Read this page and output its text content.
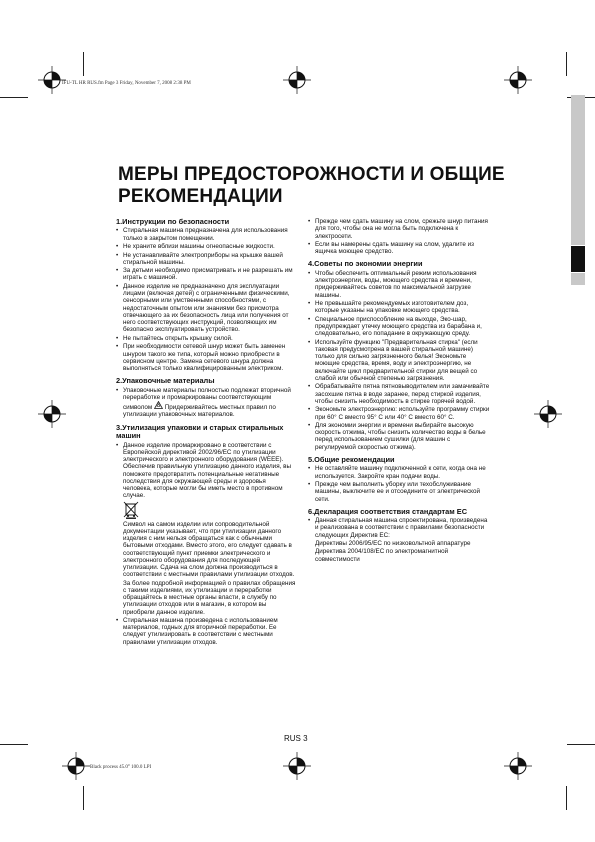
IFU-TL HR RUS.fm Page 3 Friday, November 7, 2008 2:38 PM
Black process 45.0° 100.0 LPI
МЕРЫ ПРЕДОСТОРОЖНОСТИ И ОБЩИЕ РЕКОМЕНДАЦИИ
1.Инструкции по безопасности
• Стиральная машина предназначена для использования только в закрытом помещении.
• Не храните вблизи машины огнеопасные жидкости.
• Не устанавливайте электроприборы на крышке вашей стиральной машины.
• За детьми необходимо присматривать и не разрешать им играть с машиной.
• Данное изделие не предназначено для эксплуатации лицами (включая детей) с ограниченными физическими, сенсорными или умственными способностями, с недостаточным опытом или знаниями без присмотра отвечающего за их безопасность лица или получения от него соответствующих инструкций, позволяющих им безопасно эксплуатировать устройство.
• Не пытайтесь открыть крышку силой.
• При необходимости сетевой шнур может быть заменен шнуром такого же типа, который можно приобрести в сервисном центре. Замена сетевого шнура должна выполняться только квалифицированным электриком.
2.Упаковочные материалы
• Упаковочные материалы полностью подлежат вторичной переработке и промаркированы соответствующим символом Придерживайтесь местных правил по утилизации упаковочных материалов.
3.Утилизация упаковки и старых стиральных машин
• Данное изделие промаркировано в соответствии с Европейской директивой 2002/96/EC по утилизации электрического и электронного оборудования (WEEE). Обеспечив правильную утилизацию данного изделия, вы поможете предотвратить потенциальные негативные последствия для окружающей среды и здоровья человека, которые могли бы иметь место в противном случае.
Символ на самом изделии или сопроводительной документации указывает, что при утилизации данного изделия с ним нельзя обращаться как с обычными бытовыми отходами. Вместо этого, его следует сдавать в соответствующий пункт приемки электрического и электронного оборудования для последующей утилизации. Сдача на слом должна производиться в соответствии с местными правилами утилизации отходов.
За более подробной информацией о правилах обращения с такими изделиями, их утилизации и переработки обращайтесь в местные органы власти, в службу по утилизации отходов или в магазин, в котором вы приобрели данное изделие.
• Стиральная машина произведена с использованием материалов, годных для вторичной переработки. Ее следует утилизировать в соответствии с местными правилами утилизации отходов.
• Прежде чем сдать машину на слом, срежьте шнур питания для того, чтобы она не могла быть подключена к электросети.
• Если вы намерены сдать машину на слом, удалите из ящичка моющее средство.
4.Советы по экономии энергии
• Чтобы обеспечить оптимальный режим использования электроэнергии, воды, моющего средства и времени, придерживайтесь советов по максимальной загрузке машины.
• Не превышайте рекомендуемых изготовителем доз, которые указаны на упаковке моющего средства.
• Специальное приспособление на выходе, Эко-шар, предупреждает утечку моющего средства из барабана и, следовательно, его попадание в окружающую среду.
• Используйте функцию "Предварительная стирка" (если таковая предусмотрена в вашей стиральной машине) только для сильно загрязненного белья! Экономьте моющие средства, время, воду и электроэнергию, не включайте цикл предварительной стирки для вещей со слабой или обычной степенью загрязнения.
• Обрабатывайте пятна пятновыводителем или замачивайте засохшие пятна в воде заранее, перед стиркой изделия, чтобы снизить необходимость в стирке горячей водой.
• Экономьте электроэнергию: используйте программу стирки при 60° C вместо 95° C или 40° C вместо 60° C.
• Для экономии энергии и времени выбирайте высокую скорость отжима, чтобы снизить количество воды в белье перед использованием сушилки (для машин с регулируемой скоростью отжима).
5.Общие рекомендации
• Не оставляйте машину подключенной к сети, когда она не используется. Закройте кран подачи воды.
• Прежде чем выполнить уборку или техобслуживание машины, выключите ее и отсоедините от электрической сети.
6.Декларация соответствия стандартам ЕС
• Данная стиральная машина спроектирована, произведена и реализована в соответствии с правилами безопасности следующих Директив ЕС:
Директивы 2006/95/EC по низковольтной аппаратуре
Директива 2004/108/EC по электромагнитной совместимости
RUS 3
